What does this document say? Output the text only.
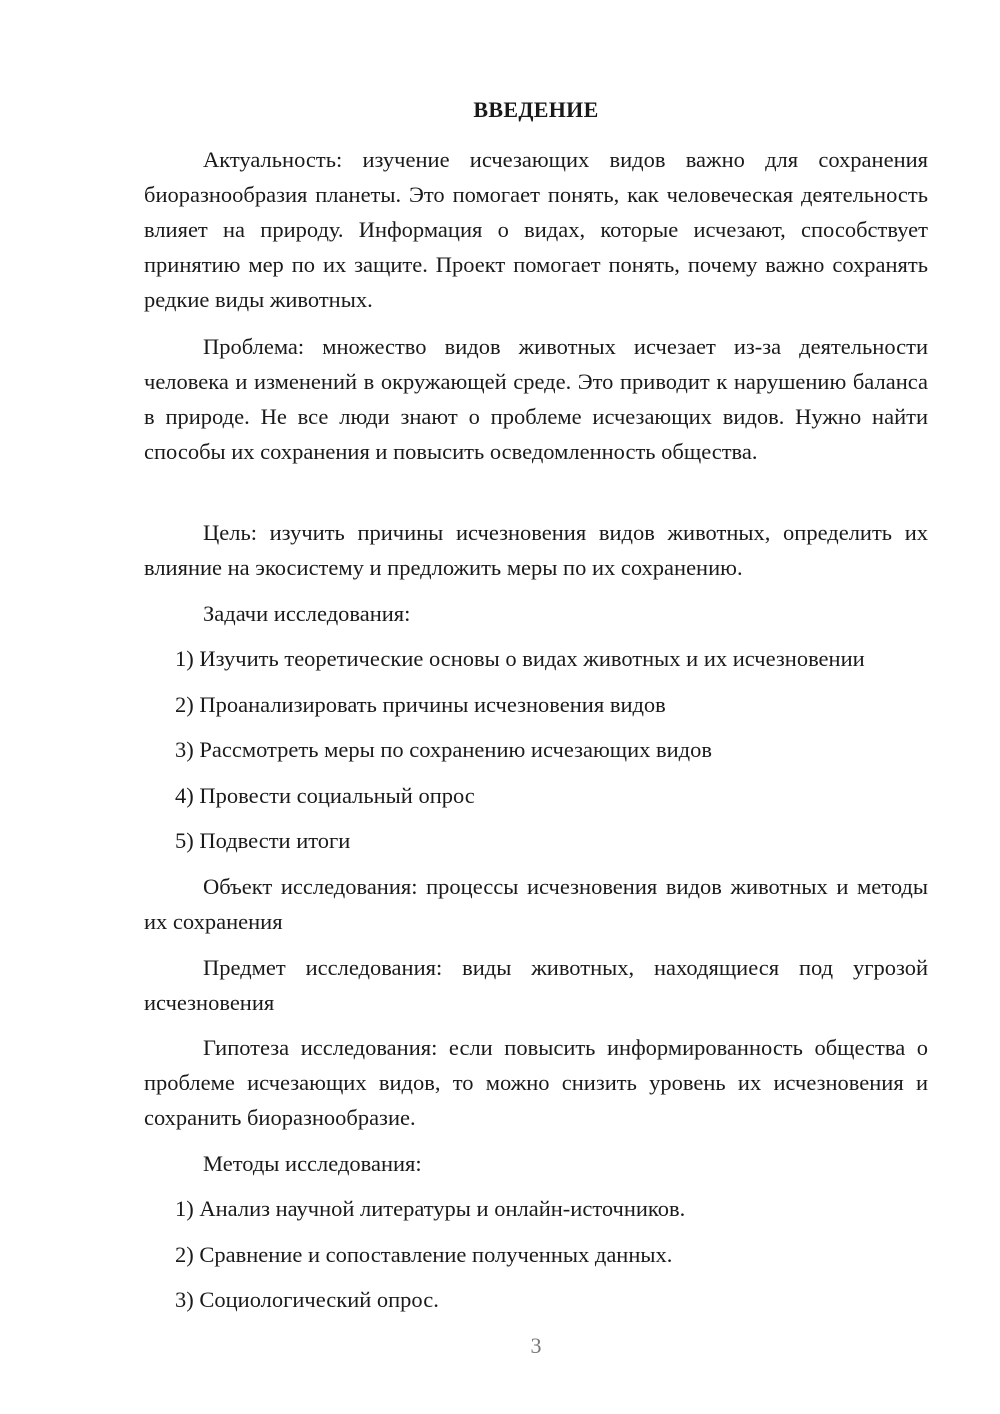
ВВЕДЕНИЕ

Актуальность: изучение исчезающих видов важно для сохранения биоразнообразия планеты. Это помогает понять, как человеческая деятельность влияет на природу. Информация о видах, которые исчезают, способствует принятию мер по их защите. Проект помогает понять, почему важно сохранять редкие виды животных.

Проблема: множество видов животных исчезает из-за деятельности человека и изменений в окружающей среде. Это приводит к нарушению баланса в природе. Не все люди знают о проблеме исчезающих видов. Нужно найти способы их сохранения и повысить осведомленность общества.

Цель: изучить причины исчезновения видов животных, определить их влияние на экосистему и предложить меры по их сохранению.

Задачи исследования:
1) Изучить теоретические основы о видах животных и их исчезновении
2) Проанализировать причины исчезновения видов
3) Рассмотреть меры по сохранению исчезающих видов
4) Провести социальный опрос
5) Подвести итоги

Объект исследования: процессы исчезновения видов животных и методы их сохранения

Предмет исследования: виды животных, находящиеся под угрозой исчезновения

Гипотеза исследования: если повысить информированность общества о проблеме исчезающих видов, то можно снизить уровень их исчезновения и сохранить биоразнообразие.

Методы исследования:
1) Анализ научной литературы и онлайн-источников.
2) Сравнение и сопоставление полученных данных.
3) Социологический опрос.
3
